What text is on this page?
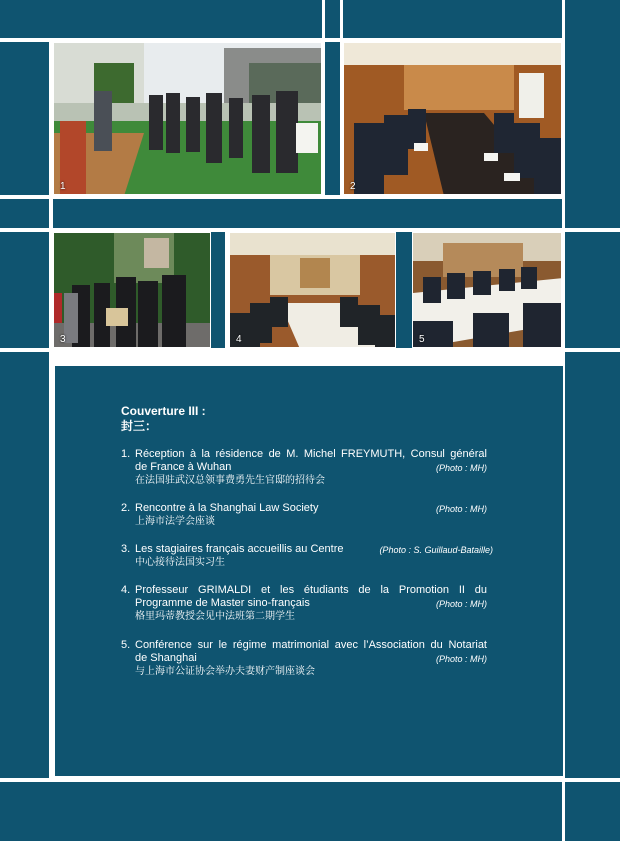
1	2
3	4	5
Couverture III :
封三：
1. Réception à la résidence de M. Michel FREYMUTH, Consul général
de France à Wuhan	(Photo : MH)
在法国驻武汉总领事费勇先生官邸的招待会
2. Rencontre à la Shanghai Law Society	(Photo : MH)
上海市法学会座谈
3. Les stagiaires français accueillis au Centre	(Photo : S. Guillaud-Bataille)
中心接待法国实习生
4. Professeur GRIMALDI et les étudiants de la Promotion II du
Programme de Master sino-français	(Photo : MH)
格里玛蒂教授会见中法班第二期学生
5. Conférence sur le régime matrimonial avec l’Association du Notariat
de Shanghai	(Photo : MH)
与上海市公证协会举办夫妻财产制座谈会
